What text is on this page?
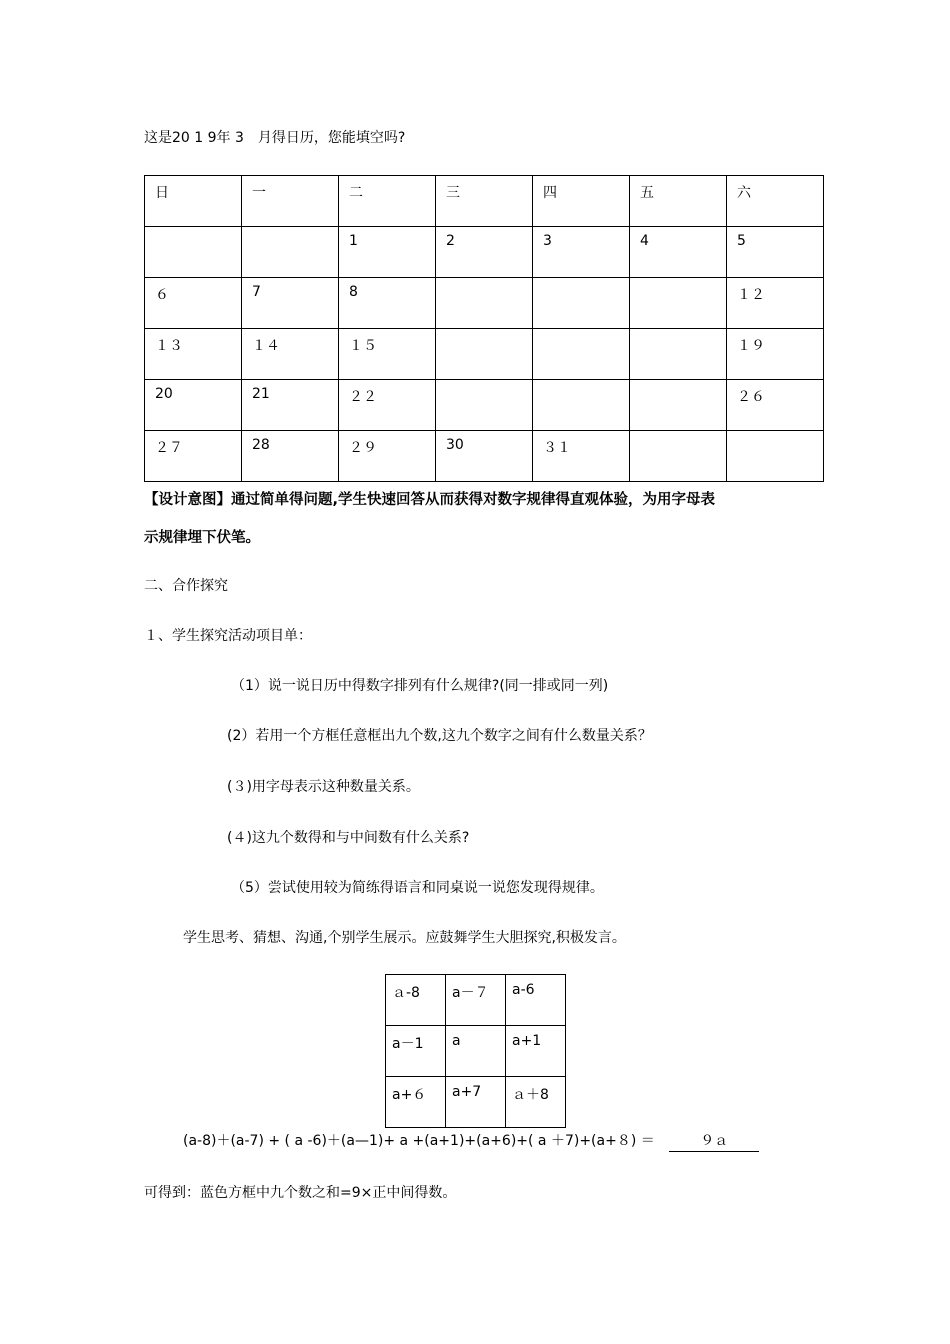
这是20 1 9年 3　月得日历，您能填空吗?
日	一	二	三	四	五	六
		1	2	3	4	5
６	7	8				１２
１３	１４	１５				１９
20	21	２２				２６
２７	28	２９	30	３１		
【设计意图】通过简单得问题,学生快速回答从而获得对数字规律得直观体验，为用字母表
示规律埋下伏笔。
二、合作探究
１、学生探究活动项目单：
（1）说一说日历中得数字排列有什么规律?(同一排或同一列)
(2）若用一个方框任意框出九个数,这九个数字之间有什么数量关系？
(３)用字母表示这种数量关系。
(４)这九个数得和与中间数有什么关系?
（5）尝试使用较为简练得语言和同桌说一说您发现得规律。
学生思考、猜想、沟通,个别学生展示。应鼓舞学生大胆探究,积极发言。
ａ-8	a－７	a-6
a－1	a	a+1
a+６	a+7	ａ＋8
(a-8)＋(a-7) + ( a -6)＋(a—1)+ a +(a+1)+(a+6)+( a ＋7)+(a+８) ＝	９ａ
可得到：蓝色方框中九个数之和=9×正中间得数。
